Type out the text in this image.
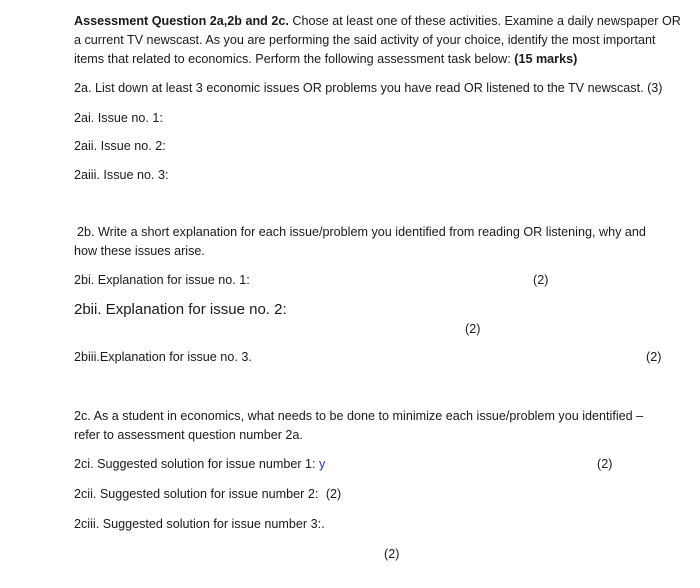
Assessment Question 2a,2b and 2c. Chose at least one of these activities. Examine a daily newspaper OR a current TV newscast. As you are performing the said activity of your choice, identify the most important items that related to economics. Perform the following assessment task below: (15 marks)
2a. List down at least 3 economic issues OR problems you have read OR listened to the TV newscast. (3)
2ai. Issue no. 1:
2aii. Issue no. 2:
2aiii. Issue no. 3:
2b. Write a short explanation for each issue/problem you identified from reading OR listening, why and
how these issues arise.
2bi. Explanation for issue no. 1:	(2)
2bii. Explanation for issue no. 2:
(2)
2biii.Explanation for issue no. 3.	(2)
2c. As a student in economics, what needs to be done to minimize each issue/problem you identified –
refer to assessment question number 2a.
2ci. Suggested solution for issue number 1: y	(2)
2cii. Suggested solution for issue number 2: (2)
2ciii. Suggested solution for issue number 3:.
(2)
